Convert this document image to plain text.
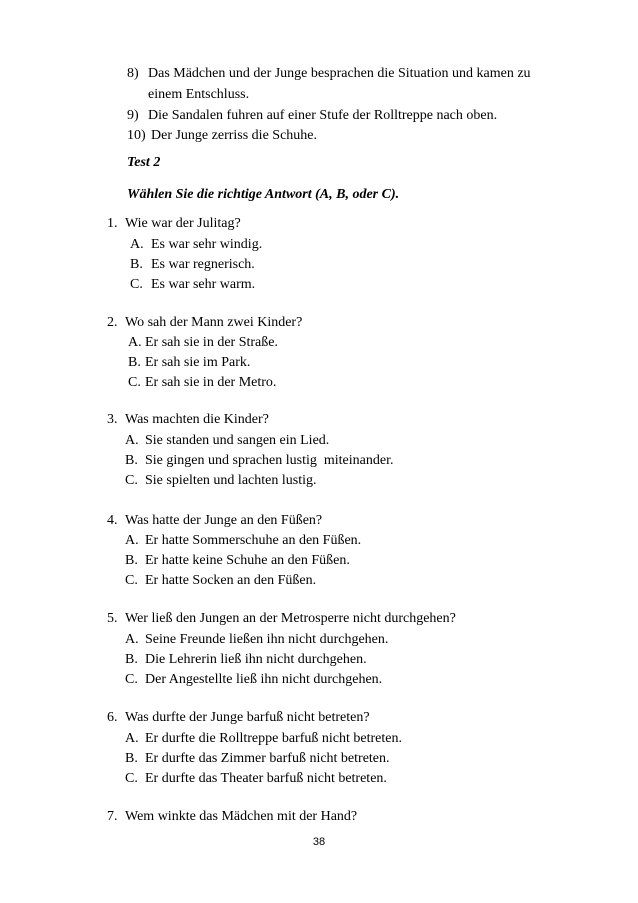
8) Das Mädchen und der Junge besprachen die Situation und kamen zu
einem Entschluss.
9) Die Sandalen fuhren auf einer Stufe der Rolltreppe nach oben.
10) Der Junge zerriss die Schuhe.
Test 2
Wählen Sie die richtige Antwort (A, B, oder C).
1. Wie war der Julitag?
A. Es war sehr windig.
B. Es war regnerisch.
C. Es war sehr warm.
2. Wo sah der Mann zwei Kinder?
A. Er sah sie in der Straße.
B. Er sah sie im Park.
C. Er sah sie in der Metro.
3. Was machten die Kinder?
A. Sie standen und sangen ein Lied.
B. Sie gingen und sprachen lustig  miteinander.
C. Sie spielten und lachten lustig.
4. Was hatte der Junge an den Füßen?
A. Er hatte Sommerschuhe an den Füßen.
B. Er hatte keine Schuhe an den Füßen.
C. Er hatte Socken an den Füßen.
5. Wer ließ den Jungen an der Metrosperre nicht durchgehen?
A. Seine Freunde ließen ihn nicht durchgehen.
B. Die Lehrerin ließ ihn nicht durchgehen.
C. Der Angestellte ließ ihn nicht durchgehen.
6. Was durfte der Junge barfuß nicht betreten?
A. Er durfte die Rolltreppe barfuß nicht betreten.
B. Er durfte das Zimmer barfuß nicht betreten.
C. Er durfte das Theater barfuß nicht betreten.
7. Wem winkte das Mädchen mit der Hand?
38
